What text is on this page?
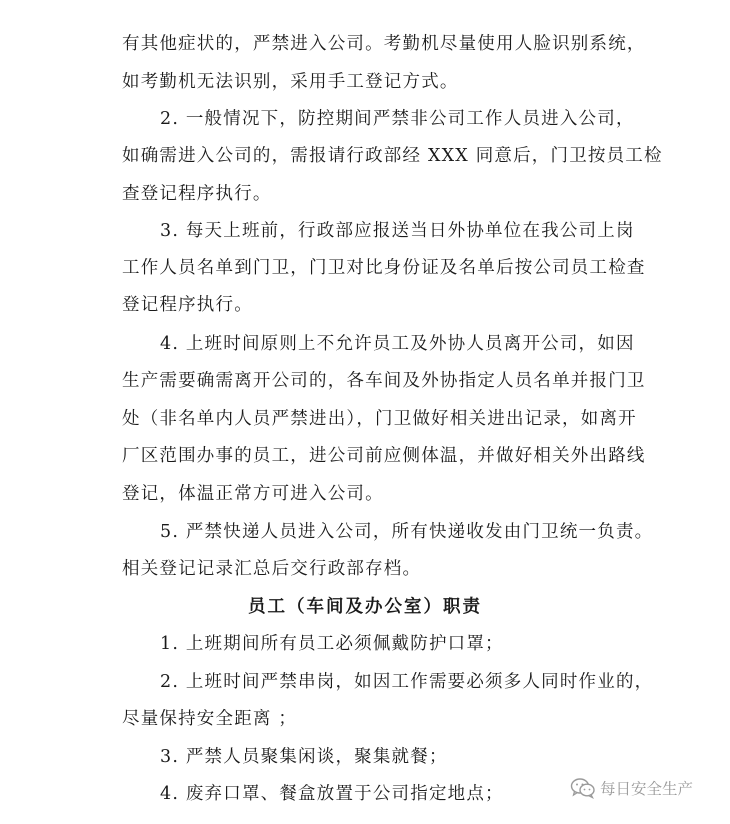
有其他症状的，严禁进入公司。考勤机尽量使用人脸识别系统，
如考勤机无法识别，采用手工登记方式。
2. 一般情况下，防控期间严禁非公司工作人员进入公司，
如确需进入公司的，需报请行政部经 XXX 同意后，门卫按员工检
查登记程序执行。
3. 每天上班前，行政部应报送当日外协单位在我公司上岗
工作人员名单到门卫，门卫对比身份证及名单后按公司员工检查
登记程序执行。
4. 上班时间原则上不允许员工及外协人员离开公司，如因
生产需要确需离开公司的，各车间及外协指定人员名单并报门卫
处（非名单内人员严禁进出），门卫做好相关进出记录，如离开
厂区范围办事的员工，进公司前应侧体温，并做好相关外出路线
登记，体温正常方可进入公司。
5. 严禁快递人员进入公司，所有快递收发由门卫统一负责。
相关登记记录汇总后交行政部存档。
员工（车间及办公室）职责
1. 上班期间所有员工必须佩戴防护口罩；
2. 上班时间严禁串岗，如因工作需要必须多人同时作业的，
尽量保持安全距离 ；
3. 严禁人员聚集闲谈，聚集就餐；
4. 废弃口罩、餐盒放置于公司指定地点；	每日安全生产
